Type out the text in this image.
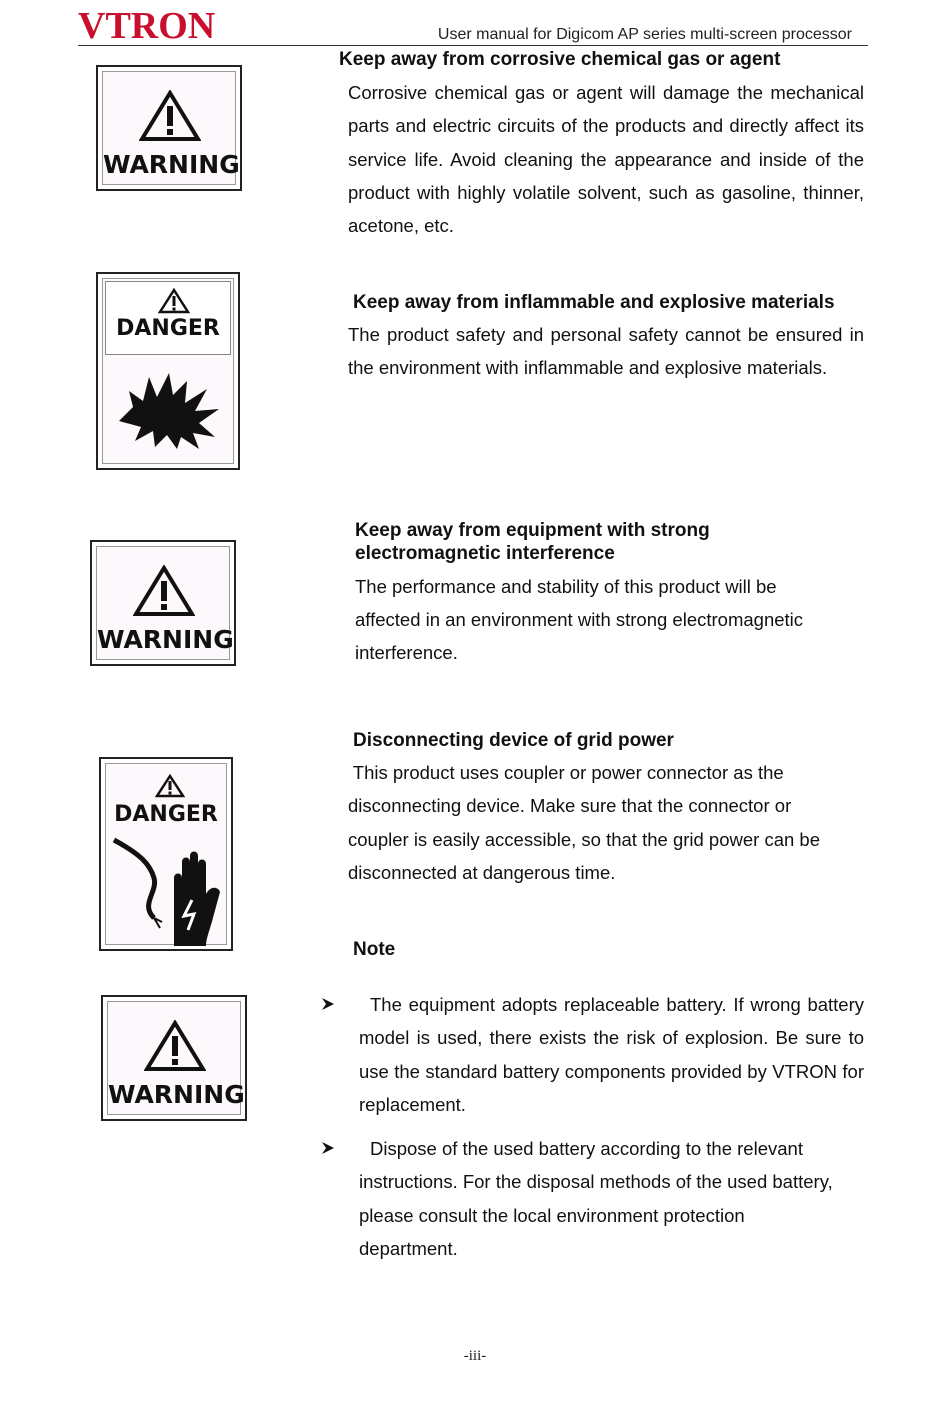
VTRON	User manual for Digicom AP series multi-screen processor
WARNING
Keep away from corrosive chemical gas or agent

Corrosive chemical gas or agent will damage the mechanical parts and electric circuits of the products and directly affect its service life. Avoid cleaning the appearance and inside of the product with highly volatile solvent, such as gasoline, thinner, acetone, etc.

DANGER
Keep away from inflammable and explosive materials

The product safety and personal safety cannot be ensured in the environment with inflammable and explosive materials.

WARNING
Keep away from equipment with strong
electromagnetic interference

The performance and stability of this product will be

affected in an environment with strong electromagnetic

interference.

DANGER
Disconnecting device of grid power

This product uses coupler or power connector as the

disconnecting device. Make sure that the connector or

coupler is easily accessible, so that the grid power can be

disconnected at dangerous time.

Note
WARNING

The equipment adopts replaceable battery. If wrong battery model is used, there exists the risk of explosion. Be sure to use the standard battery components provided by VTRON for replacement.

Dispose of the used battery according to the relevant

instructions. For the disposal methods of the used battery,

please consult the local environment protection

department.

-iii-
